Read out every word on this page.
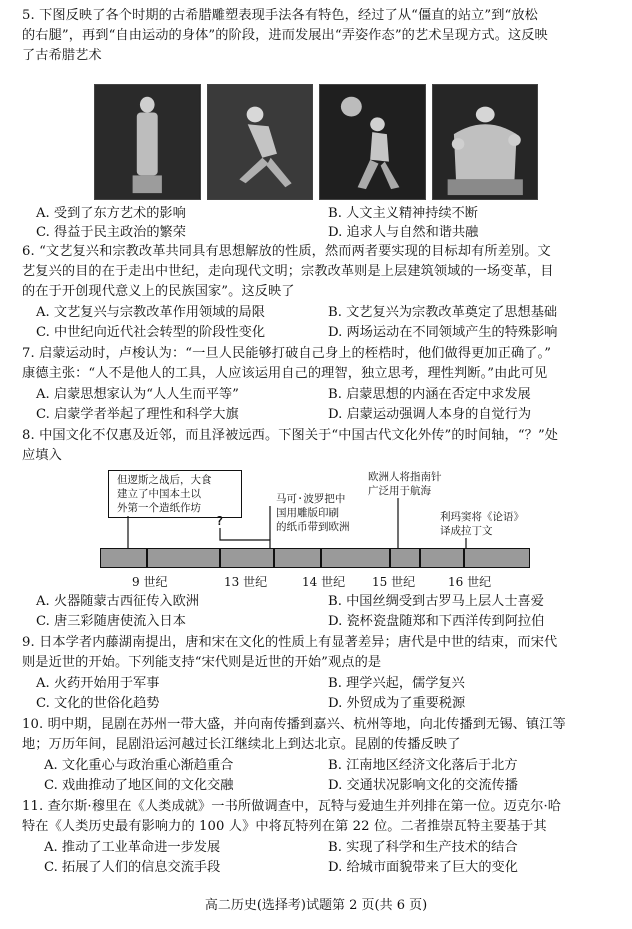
5. 下图反映了各个时期的古希腊雕塑表现手法各有特色，经过了从“僵直的站立”到“放松
的右腿”，再到“自由运动的身体”的阶段，进而发展出“弄姿作态”的艺术呈现方式。这反映
了古希腊艺术
A. 受到了东方艺术的影响	B. 人文主义精神持续不断
C. 得益于民主政治的繁荣	D. 追求人与自然和谐共融
6. “文艺复兴和宗教改革共同具有思想解放的性质，然而两者要实现的目标却有所差别。文
艺复兴的目的在于走出中世纪，走向现代文明；宗教改革则是上层建筑领域的一场变革，目
的在于开创现代意义上的民族国家”。这反映了
A. 文艺复兴与宗教改革作用领域的局限	B. 文艺复兴为宗教改革奠定了思想基础
C. 中世纪向近代社会转型的阶段性变化	D. 两场运动在不同领域产生的特殊影响
7. 启蒙运动时，卢梭认为：“一旦人民能够打破自己身上的桎梏时，他们做得更加正确了。”
康德主张：“人不是他人的工具，人应该运用自己的理智，独立思考，理性判断。”由此可见
A. 启蒙思想家认为“人人生而平等”	B. 启蒙思想的内涵在否定中求发展
C. 启蒙学者举起了理性和科学大旗	D. 启蒙运动强调人本身的自觉行为
8. 中国文化不仅惠及近邻，而且泽被远西。下图关于“中国古代文化外传”的时间轴，“？”处
应填入
但逻斯之战后，大食
建立了中国本土以
外第一个造纸作坊
马可·波罗把中
国用雕版印刷
的纸币带到欧洲
欧洲人将指南针
广泛用于航海
利玛窦将《论语》
译成拉丁文
?
9 世纪	13 世纪	14 世纪 15 世纪	16 世纪
A. 火器随蒙古西征传入欧洲	B. 中国丝绸受到古罗马上层人士喜爱
C. 唐三彩随唐使流入日本	D. 瓷杯瓷盘随郑和下西洋传到阿拉伯
9. 日本学者内藤湖南提出，唐和宋在文化的性质上有显著差异；唐代是中世的结束，而宋代
则是近世的开始。下列能支持“宋代则是近世的开始”观点的是
A. 火药开始用于军事	B. 理学兴起，儒学复兴
C. 文化的世俗化趋势	D. 外贸成为了重要税源
10. 明中期，昆剧在苏州一带大盛，并向南传播到嘉兴、杭州等地，向北传播到无锡、镇江等
地；万历年间，昆剧沿运河越过长江继续北上到达北京。昆剧的传播反映了
A. 文化重心与政治重心渐趋重合	B. 江南地区经济文化落后于北方
C. 戏曲推动了地区间的文化交融	D. 交通状况影响文化的交流传播
11. 查尔斯·穆里在《人类成就》一书所做调查中，瓦特与爱迪生并列排在第一位。迈克尔·哈
特在《人类历史最有影响力的 100 人》中将瓦特列在第 22 位。二者推崇瓦特主要基于其
A. 推动了工业革命进一步发展	B. 实现了科学和生产技术的结合
C. 拓展了人们的信息交流手段	D. 给城市面貌带来了巨大的变化
高二历史(选择考)试题第 2 页(共 6 页)
